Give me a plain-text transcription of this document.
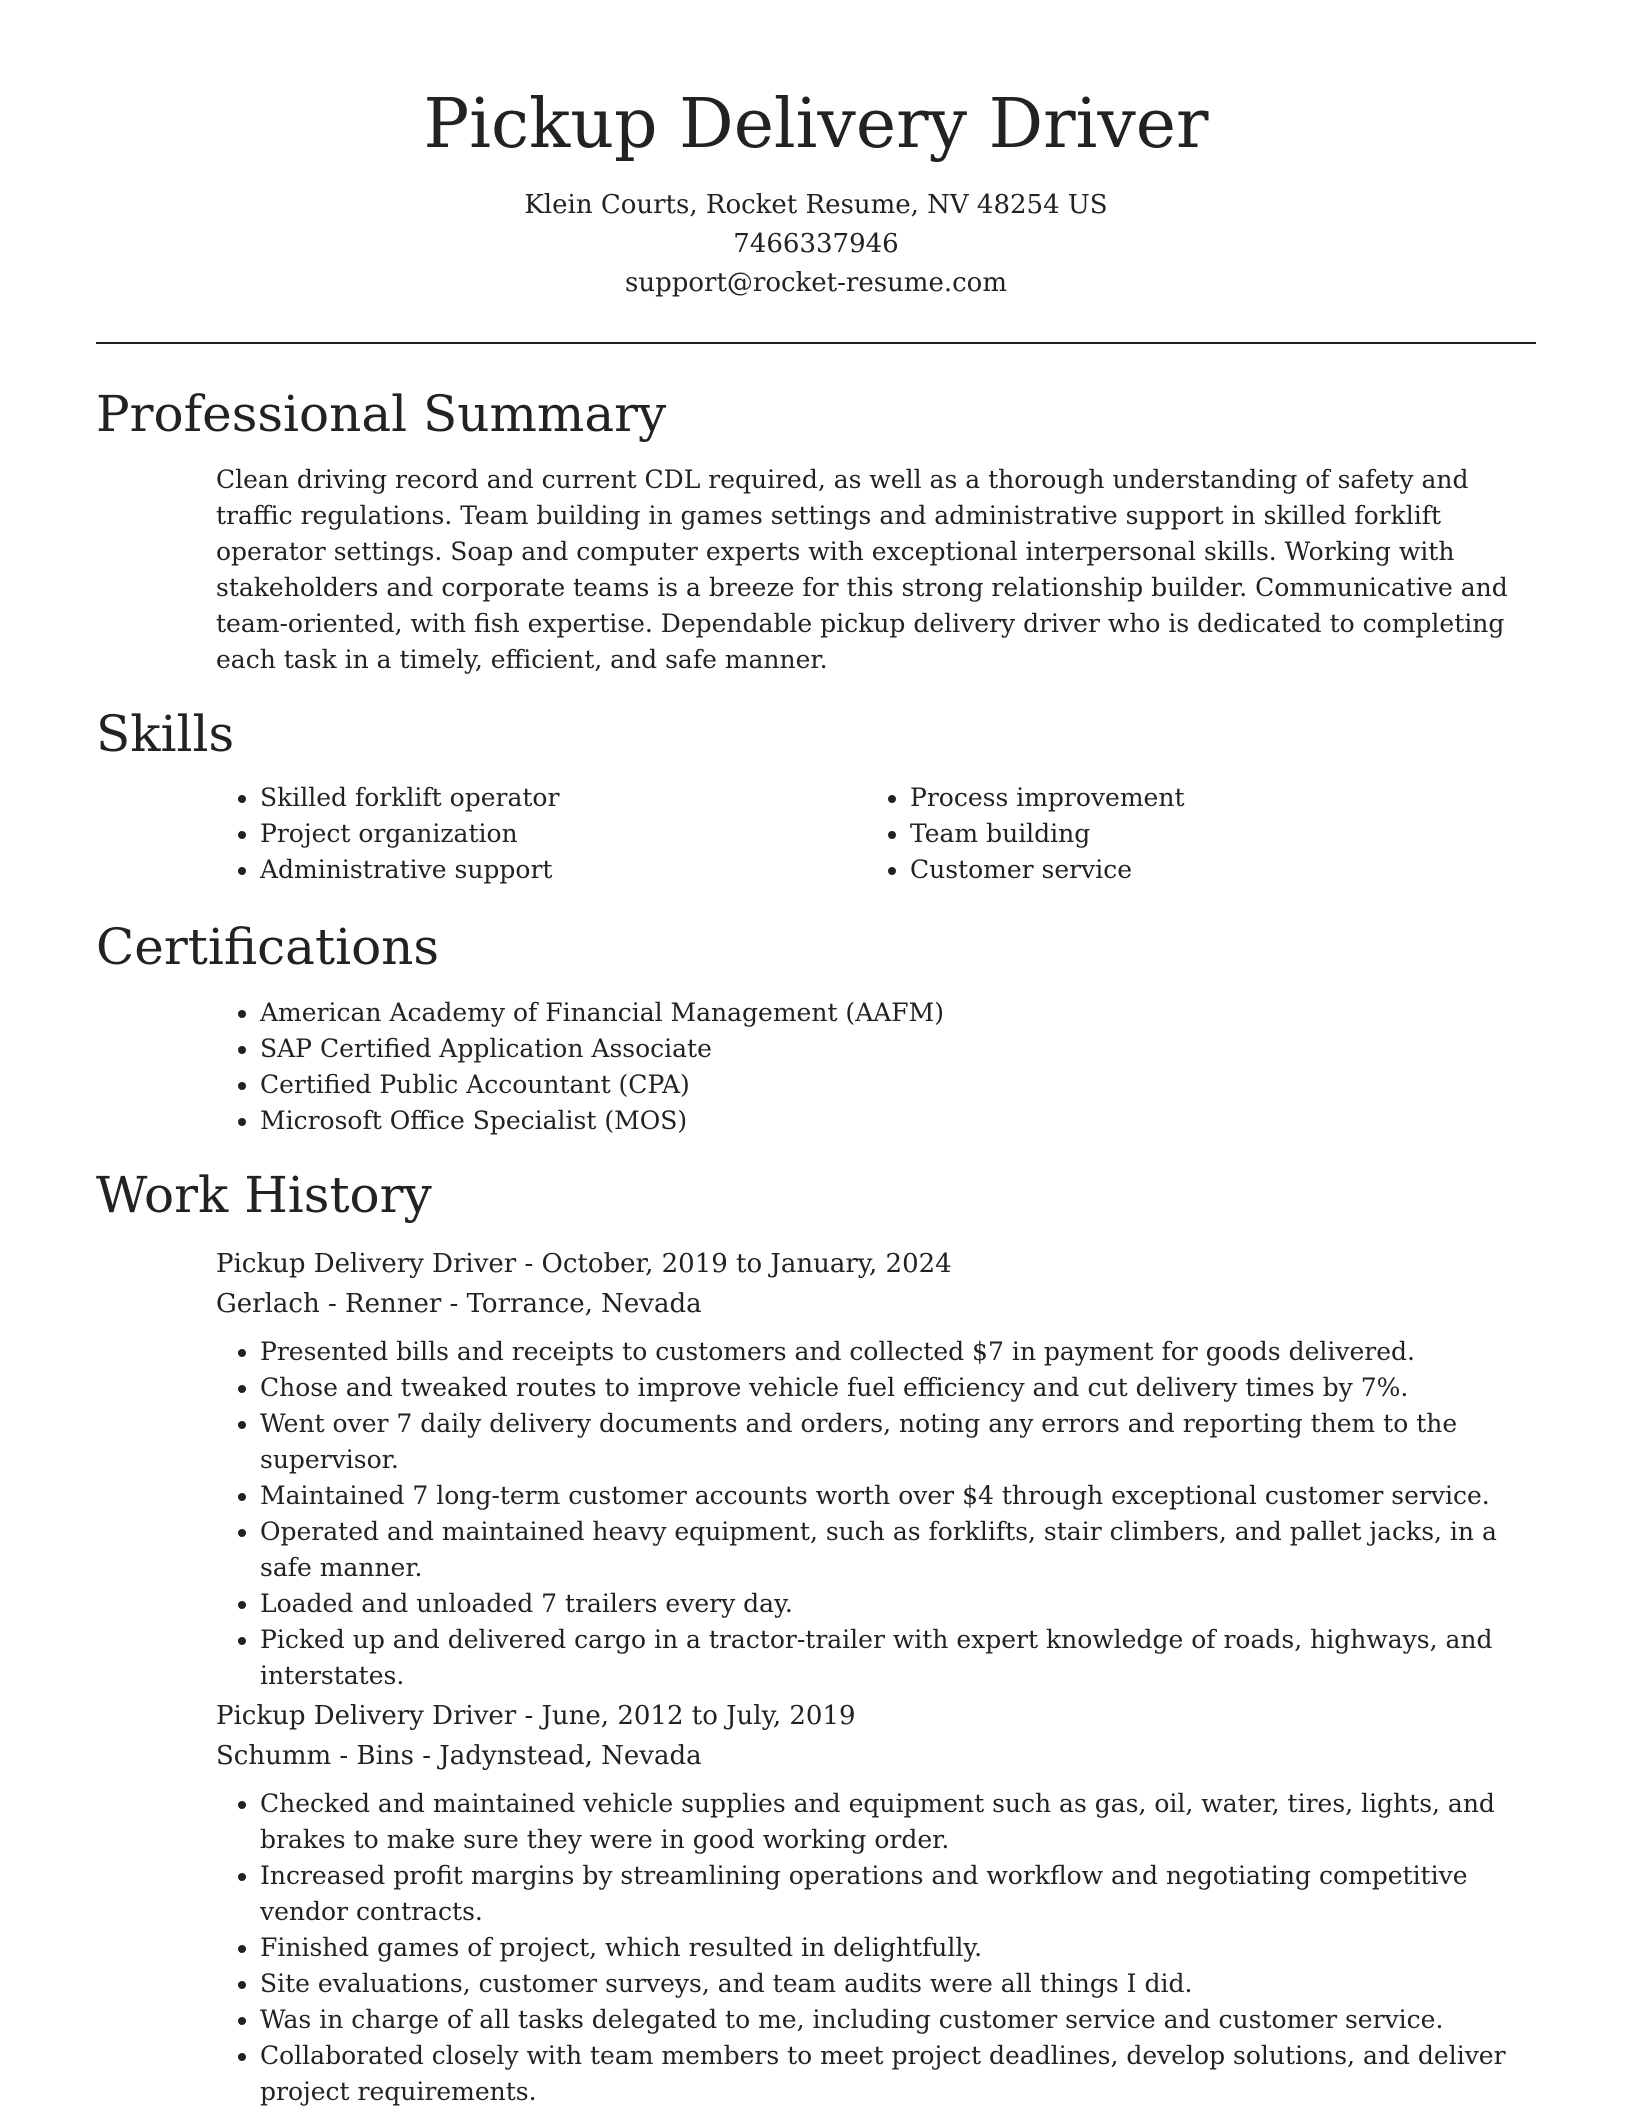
Pickup Delivery Driver

Klein Courts, Rocket Resume, NV 48254 US

7466337946

support@rocket-resume.com

Professional Summary

Clean driving record and current CDL required, as well as a thorough understanding of safety and traffic regulations. Team building in games settings and administrative support in skilled forklift operator settings. Soap and computer experts with exceptional interpersonal skills. Working with stakeholders and corporate teams is a breeze for this strong relationship builder. Communicative and team-oriented, with fish expertise. Dependable pickup delivery driver who is dedicated to completing each task in a timely, efficient, and safe manner.

Skills
• Skilled forklift operator
• Project organization
• Administrative support
• Process improvement
• Team building
• Customer service
Certifications
• American Academy of Financial Management (AAFM)
• SAP Certified Application Associate
• Certified Public Accountant (CPA)
• Microsoft Office Specialist (MOS)
Work History

Pickup Delivery Driver - October, 2019 to January, 2024

Gerlach - Renner - Torrance, Nevada

• Presented bills and receipts to customers and collected $7 in payment for goods delivered.
• Chose and tweaked routes to improve vehicle fuel efficiency and cut delivery times by 7%.
• Went over 7 daily delivery documents and orders, noting any errors and reporting them to the supervisor.
• Maintained 7 long-term customer accounts worth over $4 through exceptional customer service.
• Operated and maintained heavy equipment, such as forklifts, stair climbers, and pallet jacks, in a safe manner.
• Loaded and unloaded 7 trailers every day.
• Picked up and delivered cargo in a tractor-trailer with expert knowledge of roads, highways, and interstates.

Pickup Delivery Driver - June, 2012 to July, 2019

Schumm - Bins - Jadynstead, Nevada

• Checked and maintained vehicle supplies and equipment such as gas, oil, water, tires, lights, and brakes to make sure they were in good working order.
• Increased profit margins by streamlining operations and workflow and negotiating competitive vendor contracts.
• Finished games of project, which resulted in delightfully.
• Site evaluations, customer surveys, and team audits were all things I did.
• Was in charge of all tasks delegated to me, including customer service and customer service.
• Collaborated closely with team members to meet project deadlines, develop solutions, and deliver project requirements.
